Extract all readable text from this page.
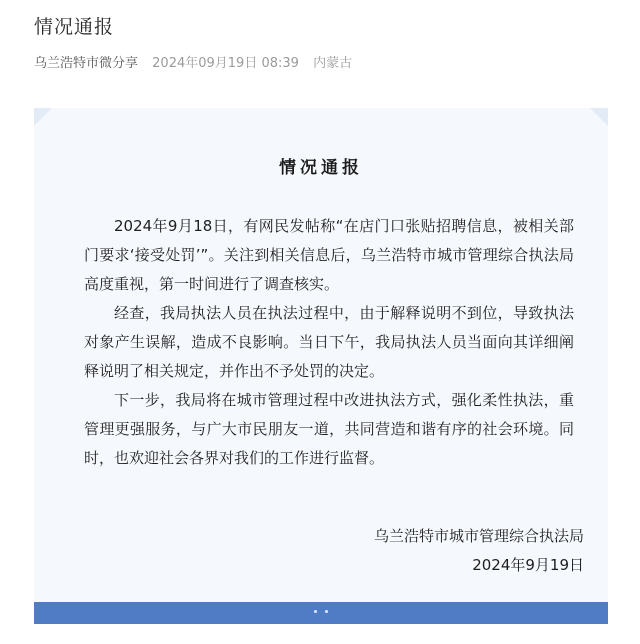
情况通报
乌兰浩特市微分享 2024年09月19日 08:39 内蒙古
情况通报

2024年9月18日，有网民发帖称“在店门口张贴招聘信息，被相关部门要求‘接受处罚’”。关注到相关信息后，乌兰浩特市城市管理综合执法局高度重视，第一时间进行了调查核实。

经查，我局执法人员在执法过程中，由于解释说明不到位，导致执法对象产生误解，造成不良影响。当日下午，我局执法人员当面向其详细阐释说明了相关规定，并作出不予处罚的决定。

下一步，我局将在城市管理过程中改进执法方式，强化柔性执法，重管理更强服务，与广大市民朋友一道，共同营造和谐有序的社会环境。同时，也欢迎社会各界对我们的工作进行监督。

乌兰浩特市城市管理综合执法局
2024年9月19日
